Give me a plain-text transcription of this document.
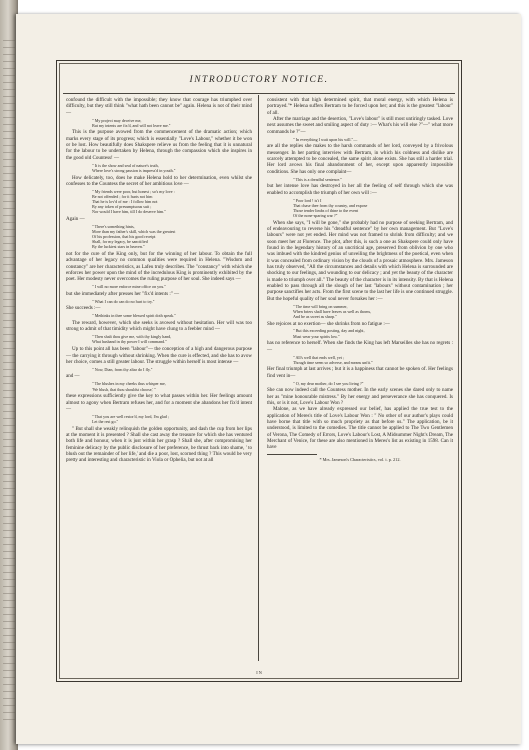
INTRODUCTORY NOTICE.

confound the difficult with the impossible; they know that courage has triumphed over difficulty, but they still think "what hath been cannot be" again. Helena is not of their mind —

" My project may deceive me,
But my intents are fix'd, and will not leave me."

This is the purpose avowed from the commencement of the dramatic action; which marks every stage of its progress; which is essentially "Love's Labour," whether it be won or be lost. How beautifully does Shakspere relieve us from the feeling that it is unnatural for the labour to be undertaken by Helena, through the compassion which she inspires in the good old Countess! —

" It is the show and seal of nature's truth,
Where love's strong passion is impress'd in youth."

How delicately, too, does he make Helena hold to her determination, even whilst she confesses to the Countess the secret of her ambitious love —

" My friends were poor, but honest ; so's my love :
Be not offended ; for it hurts not him
That he is lov'd of me : I follow him not
By any token of presumptuous suit ;
Nor would I have him, till I do deserve him."

Again —

" There's something hints,
More than my father's skill, which was the greatest
Of his profession, that his good receipt
Shall, for my legacy, be sanctified
By the luckiest stars in heaven."

not for the cure of the King only, but for the winning of her labour. To obtain the full advantage of her legacy no common qualities were required in Helena. "Wisdom and constancy" are her characteristics, as Lafeu truly describes. The "constancy" with which she enforces her power upon the mind of the incredulous King is prominently exhibited by the poet. Her modesty never overcomes the ruling purpose of her soul. She indeed says —

" I will no more enforce mine office on you."

but she immediately after presses her "fix'd intents :" —

" What I can do can do no hurt to try."

She succeeds :—

" Methinks in thee some blessed spirit doth speak."

The reward, however, which she seeks is avowed without hesitation. Her will was too strong to admit of that timidity which might have clung to a feebler mind —

" Then shalt thou give me, with thy kingly hand,
What husband in thy power I will command."

Up to this point all has been "labour"— the conception of a high and dangerous purpose— the carrying it through without shrinking. When the cure is effected, and she has to avow her choice, comes a still greater labour. The struggle within herself is most intense —

" Now, Dian, from thy altar do I fly."

and —

" The blushes in my cheeks thus whisper me,
'We blush, that thou shouldst choose,' "

these expressions sufficiently give the key to what passes within her. Her feelings amount almost to agony when Bertram refuses her, and for a moment she abandons her fix'd intent —

" That you are well restor'd, my lord, I'm glad ;
Let the rest go."

" But shall she weakly relinquish the golden opportunity, and dash the cup from her lips at the moment it is presented ? Shall she cast away the treasure for which she has ventured both life and honour, when it is just within her grasp ? Shall she, after compromising her feminine delicacy by the public disclosure of her preference, be thrust back into shame, ' to blush out the remainder of her life,' and die a poor, lost, scorned thing ? This would be very pretty and interesting and characteristic in Viola or Ophelia, but not at all

consistent with that high determined spirit, that moral energy, with which Helena is portrayed."* Helena suffers Bertram to be forced upon her; and this is the greatest "labour" of all.

After the marriage and the desertion, "Love's labour" is still most untiringly tasked. Love next assumes the sweet and smiling aspect of duty :— What's his will else ?"—" what more commands he ?"—

" In everything I wait upon his will."—

are all the replies she makes to the harsh commands of her lord, conveyed by a frivolous messenger. In her parting interview with Bertram, in which his coldness and dislike are scarcely attempted to be concealed, the same spirit alone exists. She has still a harder trial. Her lord avows his final abandonment of her, except upon apparently impossible conditions. She has only one complaint—

" This is a dreadful sentence."

but her intense love has destroyed in her all the feeling of self through which she was enabled to accomplish the triumph of her own will :—

" Poor lord ! is't I
That chase thee from thy country, and expose
Those tender limbs of thine to the event
Of the none-sparing war ?"

When she says, "I will be gone," she probably had no purpose of seeking Bertram, and of endeavouring to reverse his "dreadful sentence" by her own management. But "Love's labours" were not yet ended. Her mind was not framed to shrink from difficulty; and we soon meet her at Florence. The plot, after this, is such a one as Shakspere could only have found in the legendary history of an uncritical age, preserved from oblivion by one who was imbued with the kindred genius of unveiling the brightness of the poetical, even when it was concealed from ordinary vision by the clouds of a prosaic atmosphere. Mrs. Jameson has truly observed, "All the circumstances and details with which Helena is surrounded are shocking to our feelings, and wounding to our delicacy ; and yet the beauty of the character is made to triumph over all." The beauty of the character is in its intensity. By that is Helena enabled to pass through all the slough of her last "labours" without contamination ; her purpose sanctifies her acts. From the first scene to the last her life is one continued struggle. But the hopeful quality of her soul never forsakes her :—

" The time will bring on summer,
When briers shall have leaves as well as thorns,
And be as sweet as sharp."

She rejoices at no exertion— she shrinks from no fatigue :—

" But this exceeding posting, day and night,
Must wear your spirits low."

has no reference to herself. When she finds the King has left Marseilles she has no regrets :—

" All's well that ends well, yet ;
Though time seem so adverse, and means unfit."

Her final triumph at last arrives ; but it is a happiness that cannot be spoken of. Her feelings find vent in—

" O, my dear mother, do I see you living ?"

She can now indeed call the Countess mother. In the early scenes she dared only to name her as "mine honourable mistress." By her energy and perseverance she has conquered. Is this, or is it not, Love's Labour Won ?

Malone, as we have already expressed our belief, has applied the true test to the application of Meres's title of Love's Labour Won : " No other of our author's plays could have borne that title with so much propriety as that before us." The application, be it understood, is limited to the comedies. The title cannot be applied to The Two Gentlemen of Verona, The Comedy of Errors, Love's Labour's Lost, A Midsummer Night's Dream, The Merchant of Venice, for these are also mentioned in Meres's list as existing in 1598. Can it have

* Mrs. Jameson's Characteristics, vol. i. p. 212.
I N
